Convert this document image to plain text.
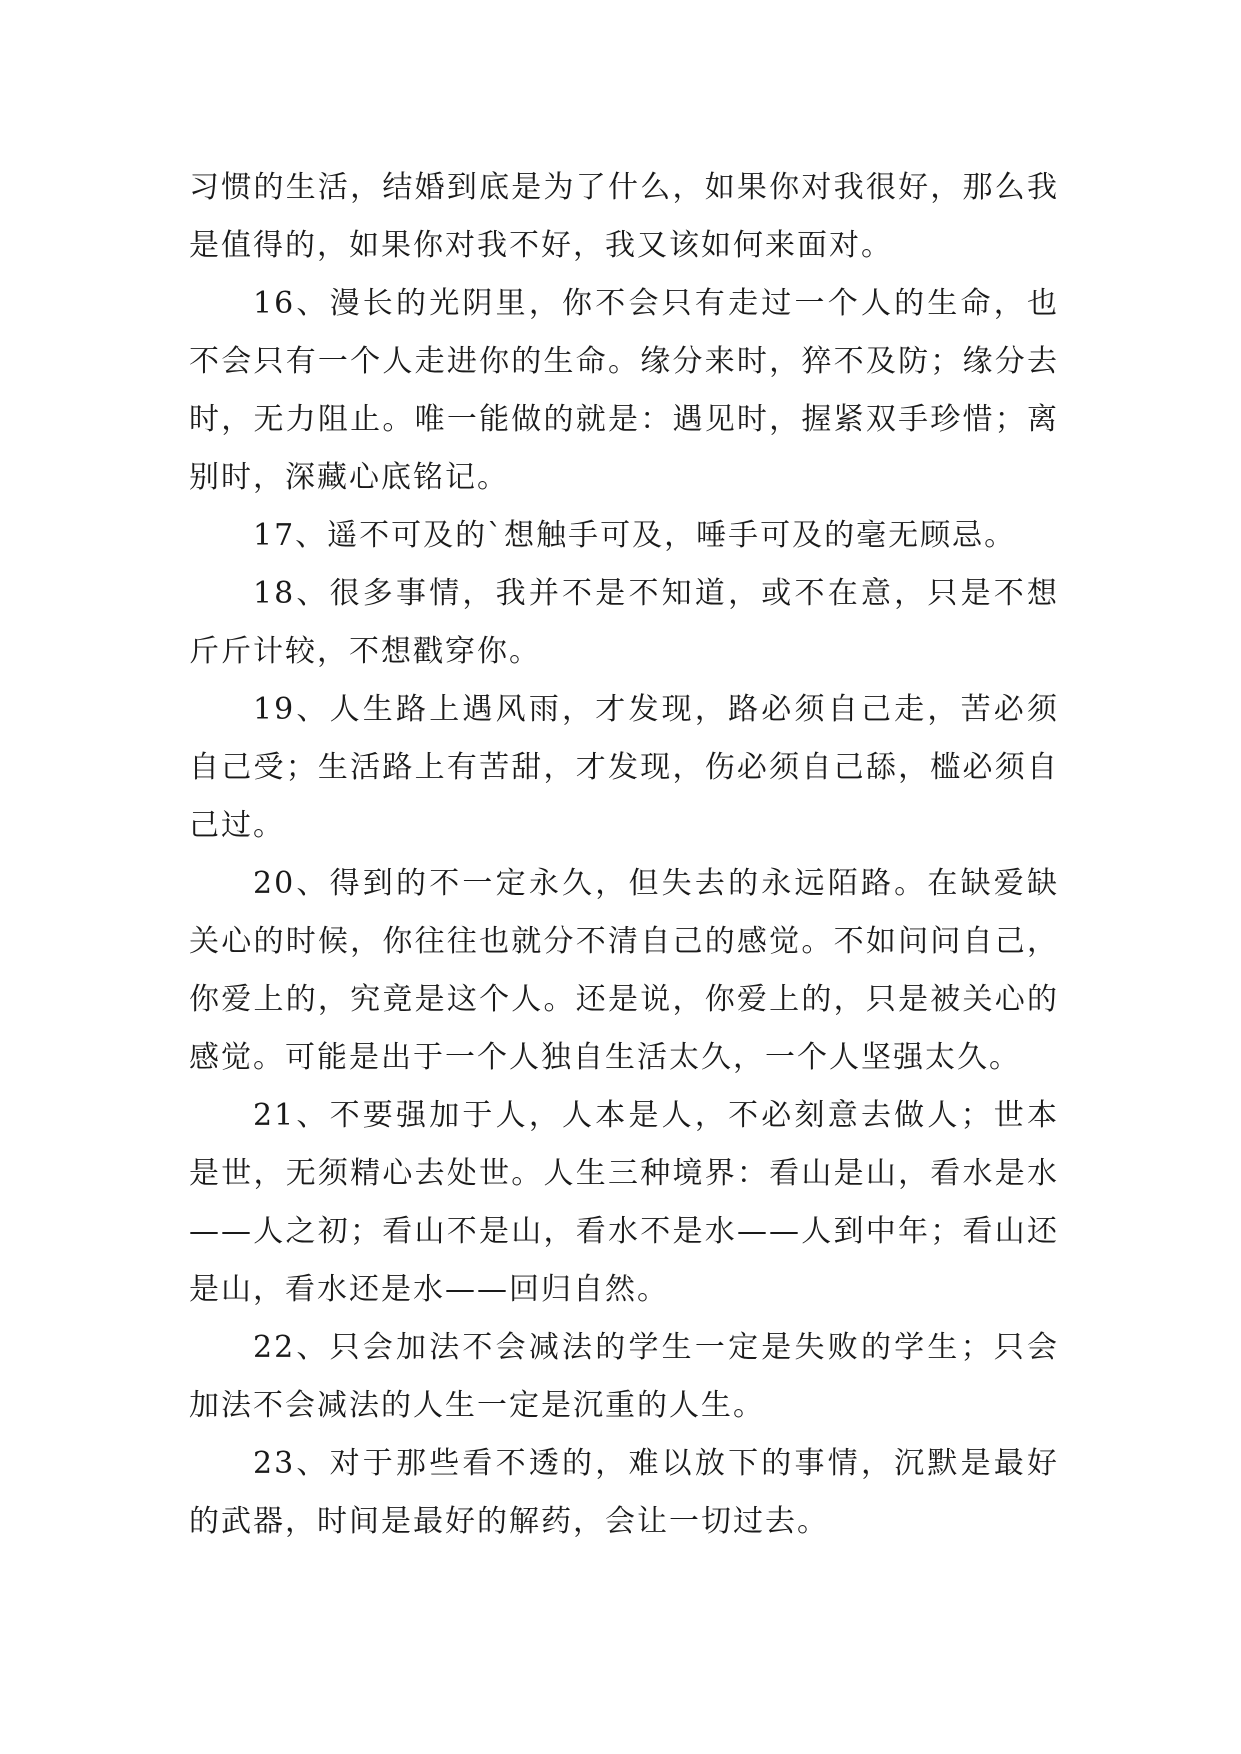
习惯的生活，结婚到底是为了什么，如果你对我很好，那么我是值得的，如果你对我不好，我又该如何来面对。

16、漫长的光阴里，你不会只有走过一个人的生命，也不会只有一个人走进你的生命。缘分来时，猝不及防；缘分去时，无力阻止。唯一能做的就是：遇见时，握紧双手珍惜；离别时，深藏心底铭记。

17、遥不可及的`想触手可及，唾手可及的毫无顾忌。

18、很多事情，我并不是不知道，或不在意，只是不想斤斤计较，不想戳穿你。

19、人生路上遇风雨，才发现，路必须自己走，苦必须自己受；生活路上有苦甜，才发现，伤必须自己舔，槛必须自己过。

20、得到的不一定永久，但失去的永远陌路。在缺爱缺关心的时候，你往往也就分不清自己的感觉。不如问问自己，你爱上的，究竟是这个人。还是说，你爱上的，只是被关心的感觉。可能是出于一个人独自生活太久，一个人坚强太久。

21、不要强加于人，人本是人，不必刻意去做人；世本是世，无须精心去处世。人生三种境界：看山是山，看水是水——人之初；看山不是山，看水不是水——人到中年；看山还是山，看水还是水——回归自然。

22、只会加法不会减法的学生一定是失败的学生；只会加法不会减法的人生一定是沉重的人生。

23、对于那些看不透的，难以放下的事情，沉默是最好的武器，时间是最好的解药，会让一切过去。
